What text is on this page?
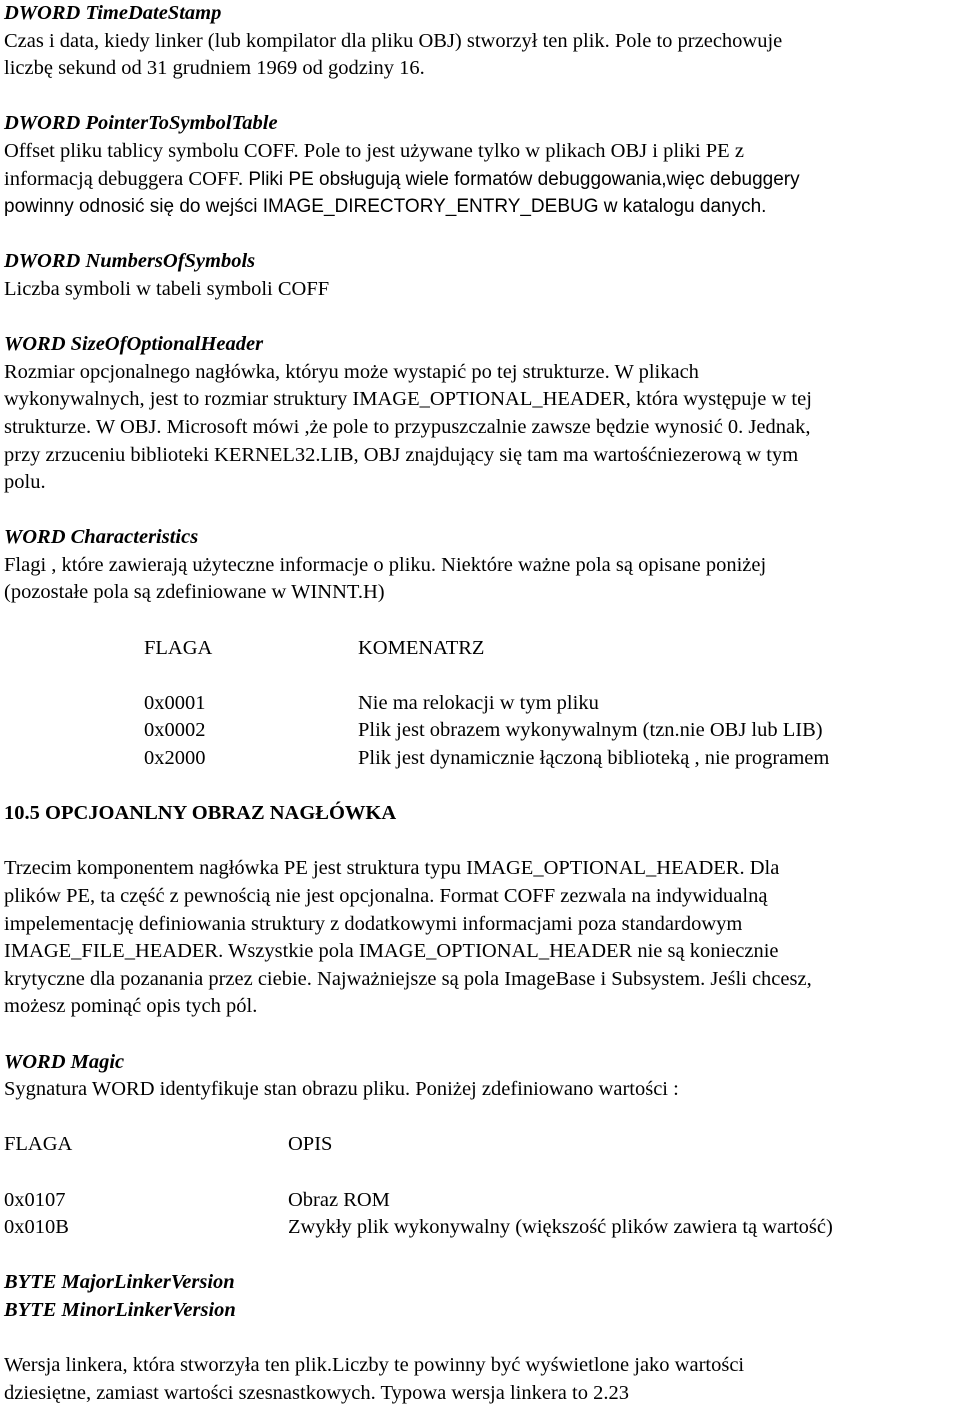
DWORD TimeDateStamp
Czas i data, kiedy linker (lub kompilator dla pliku OBJ) stworzył ten plik. Pole to przechowuje
liczbę sekund od 31 grudniem 1969 od godziny 16.
DWORD PointerToSymbolTable
Offset pliku tablicy symbolu COFF. Pole to jest używane tylko w plikach OBJ i pliki PE z
informacją debuggera COFF. Pliki PE obsługują wiele formatów debuggowania,więc debuggery
powinny odnosić się do wejści IMAGE_DIRECTORY_ENTRY_DEBUG w katalogu danych.
DWORD NumbersOfSymbols
Liczba symboli w tabeli symboli COFF
WORD SizeOfOptionalHeader
Rozmiar opcjonalnego nagłówka, któryu może wystapić po tej strukturze. W plikach
wykonywalnych, jest to rozmiar struktury IMAGE_OPTIONAL_HEADER, która występuje w tej
strukturze. W OBJ. Microsoft mówi ,że pole to przypuszczalnie zawsze będzie wynosić 0. Jednak,
przy zrzuceniu biblioteki KERNEL32.LIB, OBJ znajdujący się tam ma wartośćniezerową w tym
polu.
WORD Characteristics
Flagi , które zawierają użyteczne informacje o pliku. Niektóre ważne pola są opisane poniżej
(pozostałe pola są zdefiniowane w WINNT.H)
FLAGA	KOMENATRZ

0x0001	Nie ma relokacji w tym pliku
0x0002	Plik jest obrazem wykonywalnym (tzn.nie OBJ lub LIB)
0x2000	Plik jest dynamicznie łączoną biblioteką , nie programem
10.5 OPCJOANLNY OBRAZ NAGŁÓWKA
Trzecim komponentem nagłówka PE jest struktura typu IMAGE_OPTIONAL_HEADER. Dla
plików PE, ta część z pewnością nie jest opcjonalna. Format COFF zezwala na indywidualną
impelementację definiowania struktury z dodatkowymi informacjami poza standardowym
IMAGE_FILE_HEADER. Wszystkie pola IMAGE_OPTIONAL_HEADER nie są koniecznie
krytyczne dla pozanania przez ciebie. Najważniejsze są pola ImageBase i Subsystem. Jeśli chcesz,
możesz pominąć opis tych pól.
WORD Magic
Sygnatura WORD identyfikuje stan obrazu pliku. Poniżej zdefiniowano wartości :
FLAGA	OPIS

0x0107	Obraz ROM
0x010B	Zwykły plik wykonywalny (większość plików zawiera tą wartość)
BYTE MajorLinkerVersion
BYTE MinorLinkerVersion
Wersja linkera, która stworzyła ten plik.Liczby te powinny być wyświetlone jako wartości
dziesiętne, zamiast wartości szesnastkowych. Typowa wersja linkera to 2.23
